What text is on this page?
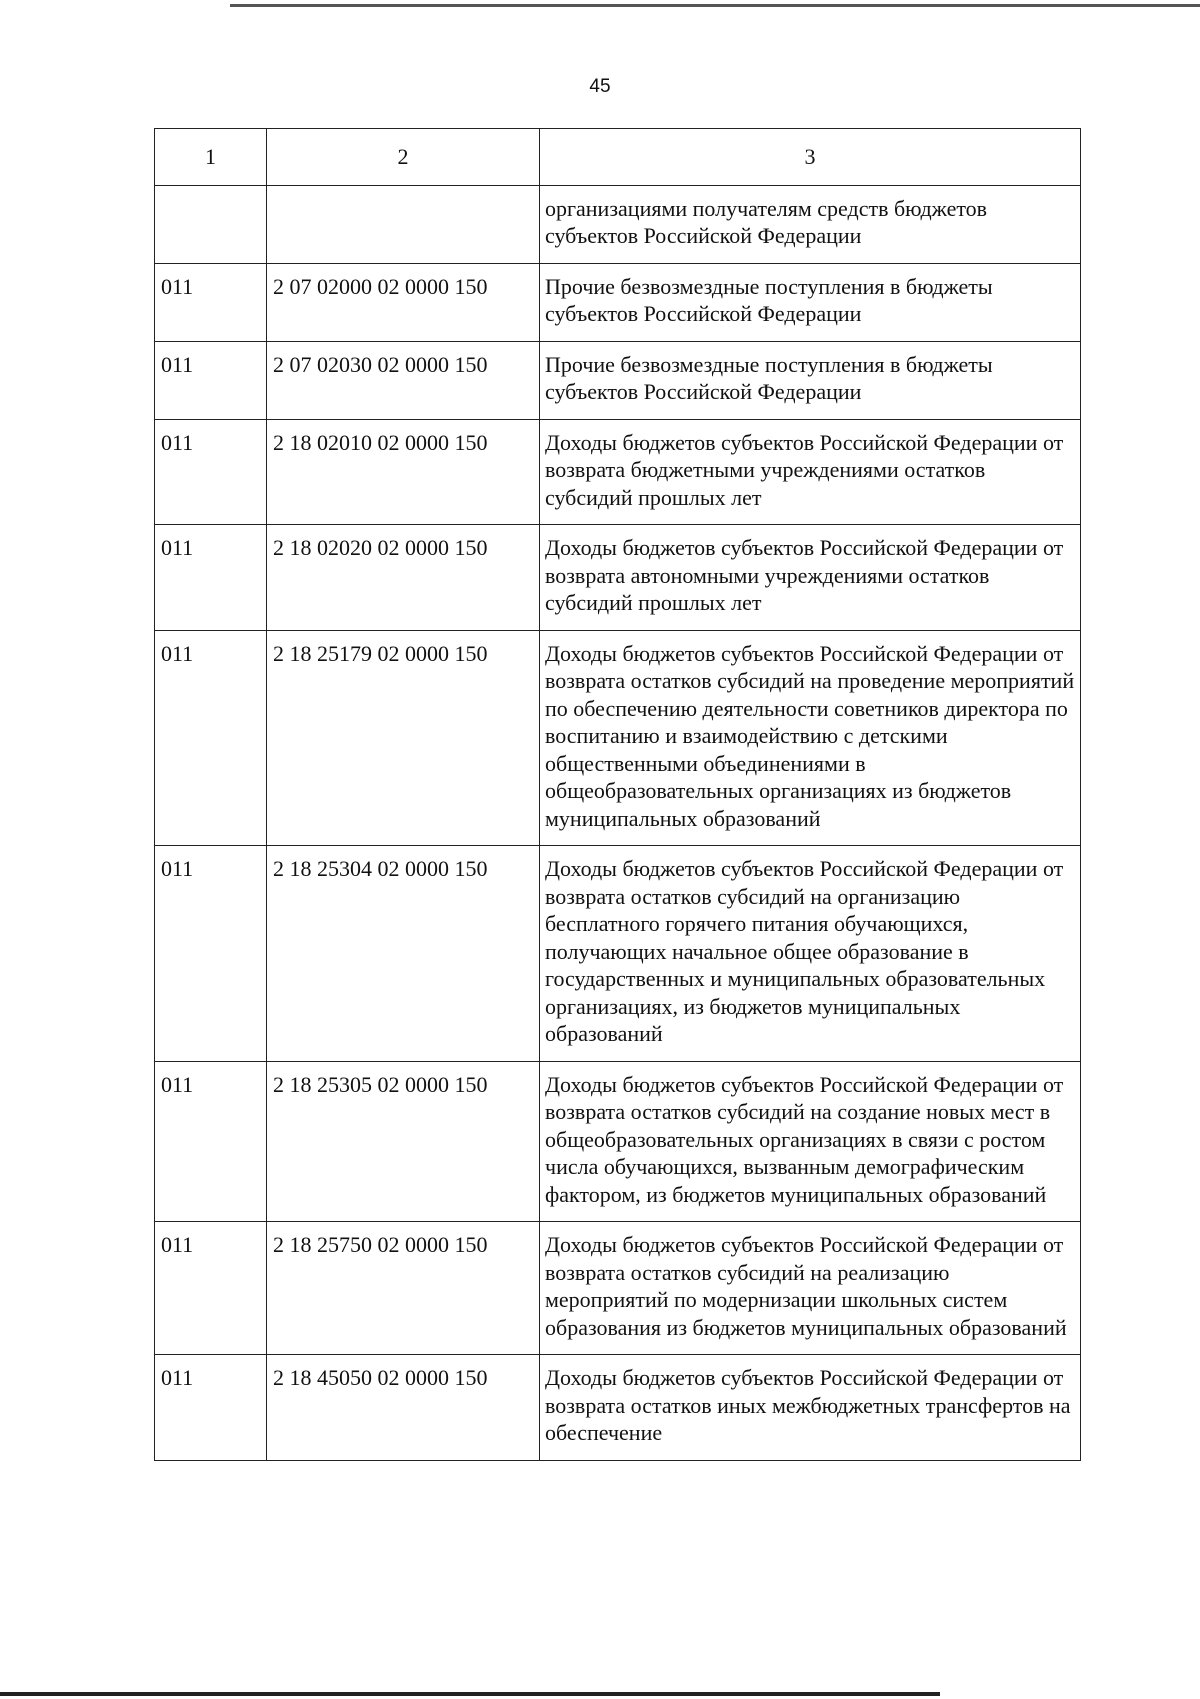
45
1	2	3
		организациями получателям средств бюджетов субъектов Российской Федерации
011	2 07 02000 02 0000 150	Прочие безвозмездные поступления в бюджеты субъектов Российской Федерации
011	2 07 02030 02 0000 150	Прочие безвозмездные поступления в бюджеты субъектов Российской Федерации
011	2 18 02010 02 0000 150	Доходы бюджетов субъектов Российской Федерации от возврата бюджетными учреждениями остатков субсидий прошлых лет
011	2 18 02020 02 0000 150	Доходы бюджетов субъектов Российской Федерации от возврата автономными учреждениями остатков субсидий прошлых лет
011	2 18 25179 02 0000 150	Доходы бюджетов субъектов Российской Федерации от возврата остатков субсидий на проведение мероприятий по обеспечению деятельности советников директора по воспитанию и взаимодействию с детскими общественными объединениями в общеобразовательных организациях из бюджетов муниципальных образований
011	2 18 25304 02 0000 150	Доходы бюджетов субъектов Российской Федерации от возврата остатков субсидий на организацию бесплатного горячего питания обучающихся, получающих начальное общее образование в государственных и муниципальных образовательных организациях, из бюджетов муниципальных образований
011	2 18 25305 02 0000 150	Доходы бюджетов субъектов Российской Федерации от возврата остатков субсидий на создание новых мест в общеобразовательных организациях в связи с ростом числа обучающихся, вызванным демографическим фактором, из бюджетов муниципальных образований
011	2 18 25750 02 0000 150	Доходы бюджетов субъектов Российской Федерации от возврата остатков субсидий на реализацию мероприятий по модернизации школьных систем образования из бюджетов муниципальных образований
011	2 18 45050 02 0000 150	Доходы бюджетов субъектов Российской Федерации от возврата остатков иных межбюджетных трансфертов на обеспечение
